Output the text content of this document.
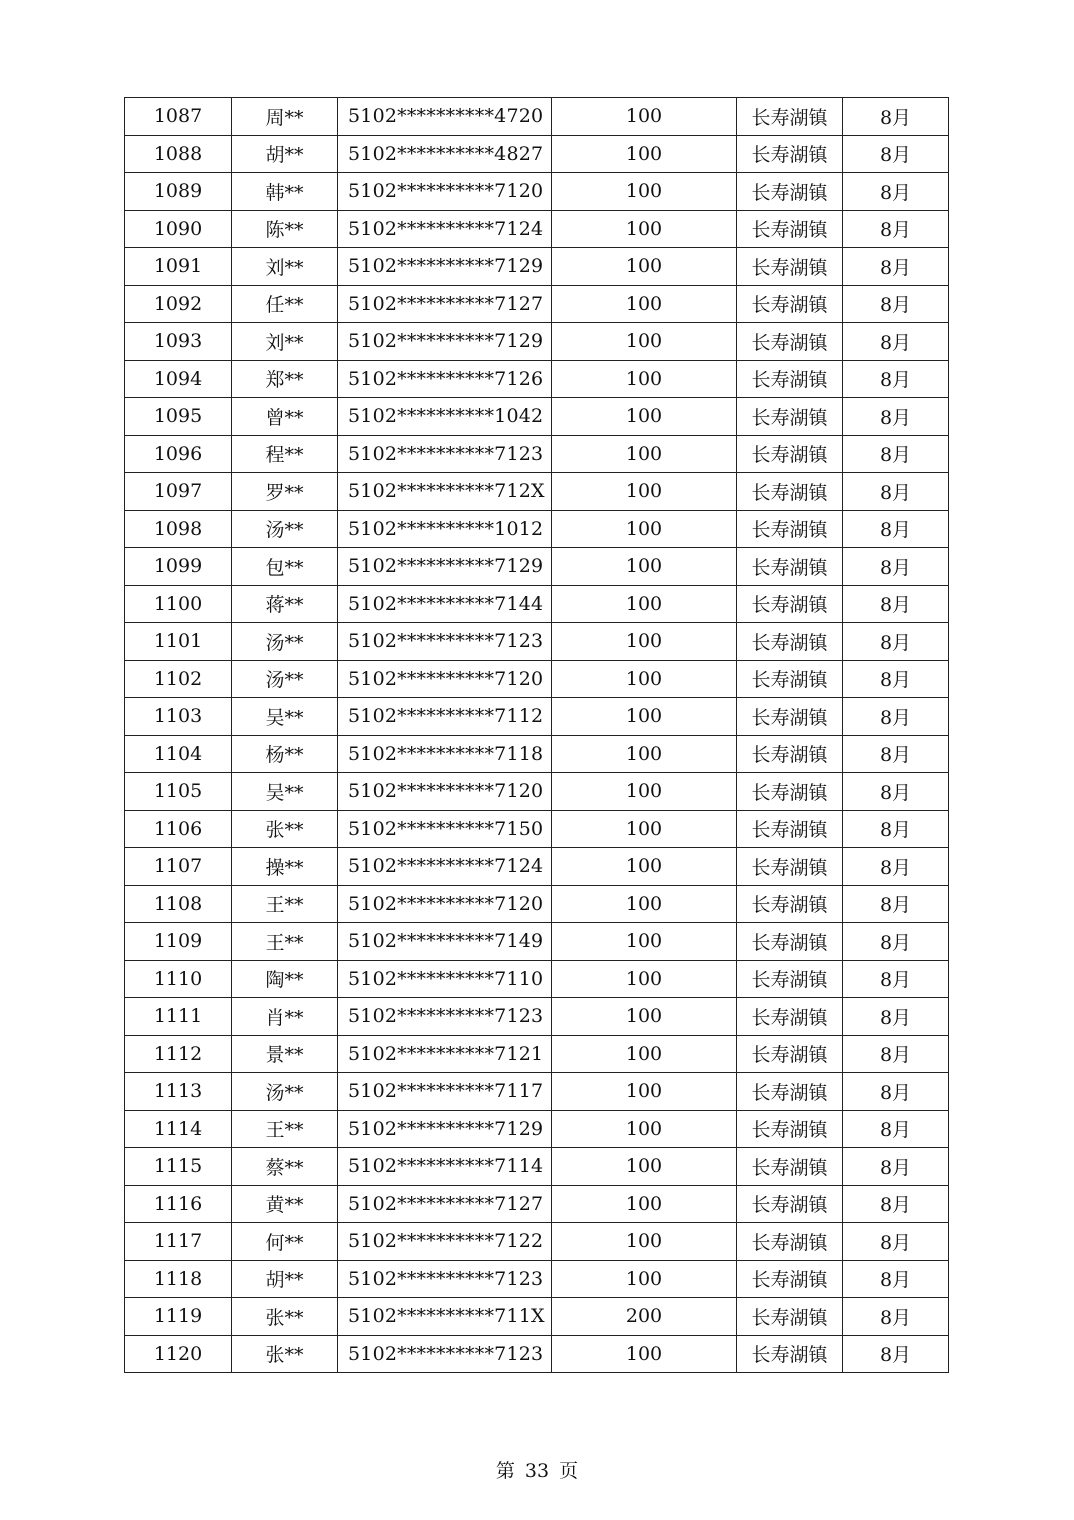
1087	周**	5102**********4720	100	长寿湖镇	8月
1088	胡**	5102**********4827	100	长寿湖镇	8月
1089	韩**	5102**********7120	100	长寿湖镇	8月
1090	陈**	5102**********7124	100	长寿湖镇	8月
1091	刘**	5102**********7129	100	长寿湖镇	8月
1092	任**	5102**********7127	100	长寿湖镇	8月
1093	刘**	5102**********7129	100	长寿湖镇	8月
1094	郑**	5102**********7126	100	长寿湖镇	8月
1095	曾**	5102**********1042	100	长寿湖镇	8月
1096	程**	5102**********7123	100	长寿湖镇	8月
1097	罗**	5102**********712X	100	长寿湖镇	8月
1098	汤**	5102**********1012	100	长寿湖镇	8月
1099	包**	5102**********7129	100	长寿湖镇	8月
1100	蒋**	5102**********7144	100	长寿湖镇	8月
1101	汤**	5102**********7123	100	长寿湖镇	8月
1102	汤**	5102**********7120	100	长寿湖镇	8月
1103	吴**	5102**********7112	100	长寿湖镇	8月
1104	杨**	5102**********7118	100	长寿湖镇	8月
1105	吴**	5102**********7120	100	长寿湖镇	8月
1106	张**	5102**********7150	100	长寿湖镇	8月
1107	操**	5102**********7124	100	长寿湖镇	8月
1108	王**	5102**********7120	100	长寿湖镇	8月
1109	王**	5102**********7149	100	长寿湖镇	8月
1110	陶**	5102**********7110	100	长寿湖镇	8月
1111	肖**	5102**********7123	100	长寿湖镇	8月
1112	景**	5102**********7121	100	长寿湖镇	8月
1113	汤**	5102**********7117	100	长寿湖镇	8月
1114	王**	5102**********7129	100	长寿湖镇	8月
1115	蔡**	5102**********7114	100	长寿湖镇	8月
1116	黄**	5102**********7127	100	长寿湖镇	8月
1117	何**	5102**********7122	100	长寿湖镇	8月
1118	胡**	5102**********7123	100	长寿湖镇	8月
1119	张**	5102**********711X	200	长寿湖镇	8月
1120	张**	5102**********7123	100	长寿湖镇	8月
第 33 页
